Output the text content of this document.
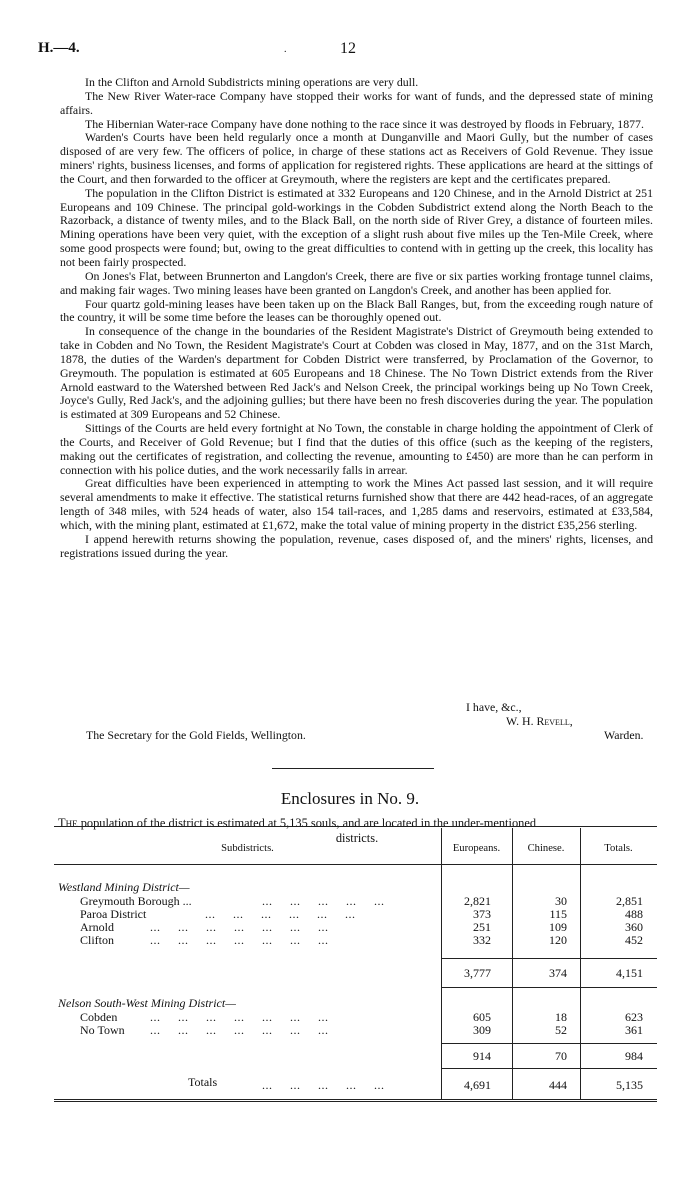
H.—4.	.	12

In the Clifton and Arnold Subdistricts mining operations are very dull.

The New River Water-race Company have stopped their works for want of funds, and the depressed state of mining affairs.

The Hibernian Water-race Company have done nothing to the race since it was destroyed by floods in February, 1877.

Warden's Courts have been held regularly once a month at Dunganville and Maori Gully, but the number of cases disposed of are very few. The officers of police, in charge of these stations act as Receivers of Gold Revenue. They issue miners' rights, business licenses, and forms of application for registered rights. These applications are heard at the sittings of the Court, and then forwarded to the officer at Greymouth, where the registers are kept and the certificates prepared.

The population in the Clifton District is estimated at 332 Europeans and 120 Chinese, and in the Arnold District at 251 Europeans and 109 Chinese. The principal gold-workings in the Cobden Subdistrict extend along the North Beach to the Razorback, a distance of twenty miles, and to the Black Ball, on the north side of River Grey, a distance of fourteen miles. Mining operations have been very quiet, with the exception of a slight rush about five miles up the Ten-Mile Creek, where some good prospects were found; but, owing to the great difficulties to contend with in getting up the creek, this locality has not been fairly prospected.

On Jones's Flat, between Brunnerton and Langdon's Creek, there are five or six parties working frontage tunnel claims, and making fair wages. Two mining leases have been granted on Langdon's Creek, and another has been applied for.

Four quartz gold-mining leases have been taken up on the Black Ball Ranges, but, from the exceeding rough nature of the country, it will be some time before the leases can be thoroughly opened out.

In consequence of the change in the boundaries of the Resident Magistrate's District of Greymouth being extended to take in Cobden and No Town, the Resident Magistrate's Court at Cobden was closed in May, 1877, and on the 31st March, 1878, the duties of the Warden's department for Cobden District were transferred, by Proclamation of the Governor, to Greymouth. The population is estimated at 605 Europeans and 18 Chinese. The No Town District extends from the River Arnold eastward to the Watershed between Red Jack's and Nelson Creek, the principal workings being up No Town Creek, Joyce's Gully, Red Jack's, and the adjoining gullies; but there have been no fresh discoveries during the year. The population is estimated at 309 Europeans and 52 Chinese.

Sittings of the Courts are held every fortnight at No Town, the constable in charge holding the appointment of Clerk of the Courts, and Receiver of Gold Revenue; but I find that the duties of this office (such as the keeping of the registers, making out the certificates of registration, and collecting the revenue, amounting to £450) are more than he can perform in connection with his police duties, and the work necessarily falls in arrear.

Great difficulties have been experienced in attempting to work the Mines Act passed last session, and it will require several amendments to make it effective. The statistical returns furnished show that there are 442 head-races, of an aggregate length of 348 miles, with 524 heads of water, also 154 tail-races, and 1,285 dams and reservoirs, estimated at £33,584, which, with the mining plant, estimated at £1,672, make the total value of mining property in the district £35,256 sterling.

I append herewith returns showing the population, revenue, cases disposed of, and the miners' rights, licenses, and registrations issued during the year.

I have, &c.,
W. H. Revell,
The Secretary for the Gold Fields, Wellington.	Warden.
Enclosures in No. 9.
The population of the district is estimated at 5,135 souls, and are located in the under-mentioned
districts.
Subdistricts.	Europeans.	Chinese.	Totals.
Westland Mining District—
Greymouth Borough ...	...     ...     ...     ...     ...	2,821	30	2,851
Paroa District	...     ...     ...     ...     ...     ...	373	115	488
Arnold	...     ...     ...     ...     ...     ...     ...	251	109	360
Clifton	...     ...     ...     ...     ...     ...     ...	332	120	452
3,777	374	4,151
Nelson South-West Mining District—
Cobden	...     ...     ...     ...     ...     ...     ...	605	18	623
No Town ...     ...     ...     ...     ...     ...     ...	309	52	361
914	70	984
Totals	...     ...     ...     ...     ...	4,691	444	5,135
